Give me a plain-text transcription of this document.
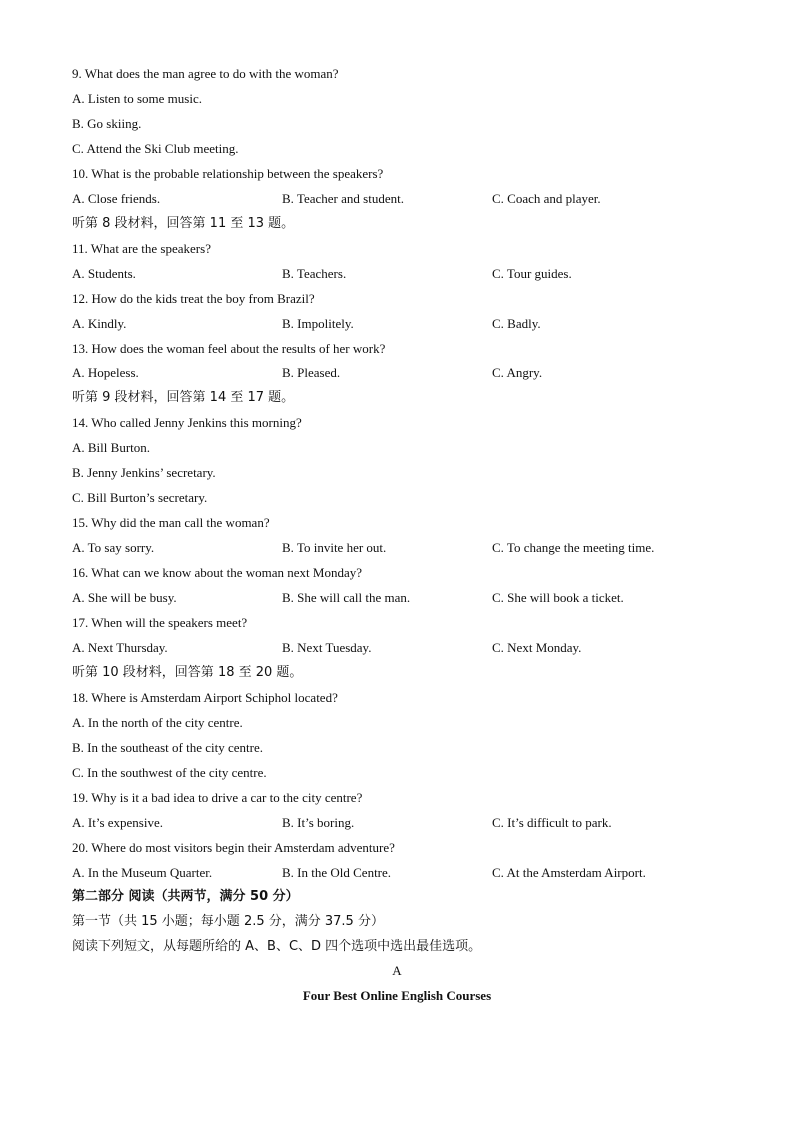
9. What does the man agree to do with the woman?
A. Listen to some music.
B. Go skiing.
C. Attend the Ski Club meeting.
10. What is the probable relationship between the speakers?
A. Close friends.	B. Teacher and student.	C. Coach and player.
听第 8 段材料，回答第 11 至 13 题。
11. What are the speakers?
A. Students.	B. Teachers.	C. Tour guides.
12. How do the kids treat the boy from Brazil?
A. Kindly.	B. Impolitely.	C. Badly.
13. How does the woman feel about the results of her work?
A. Hopeless.	B. Pleased.	C. Angry.
听第 9 段材料，回答第 14 至 17 题。
14. Who called Jenny Jenkins this morning?
A. Bill Burton.
B. Jenny Jenkins’ secretary.
C. Bill Burton’s secretary.
15. Why did the man call the woman?
A. To say sorry.	B. To invite her out.	C. To change the meeting time.
16. What can we know about the woman next Monday?
A. She will be busy.	B. She will call the man.	C. She will book a ticket.
17. When will the speakers meet?
A. Next Thursday.	B. Next Tuesday.	C. Next Monday.
听第 10 段材料，回答第 18 至 20 题。
18. Where is Amsterdam Airport Schiphol located?
A. In the north of the city centre.
B. In the southeast of the city centre.
C. In the southwest of the city centre.
19. Why is it a bad idea to drive a car to the city centre?
A. It’s expensive.	B. It’s boring.	C. It’s difficult to park.
20. Where do most visitors begin their Amsterdam adventure?
A. In the Museum Quarter.	B. In the Old Centre.	C. At the Amsterdam Airport.
第二部分 阅读（共两节，满分 50 分）
第一节（共 15 小题；每小题 2.5 分，满分 37.5 分）
阅读下列短文，从每题所给的 A、B、C、D 四个选项中选出最佳选项。
A
Four Best Online English Courses
